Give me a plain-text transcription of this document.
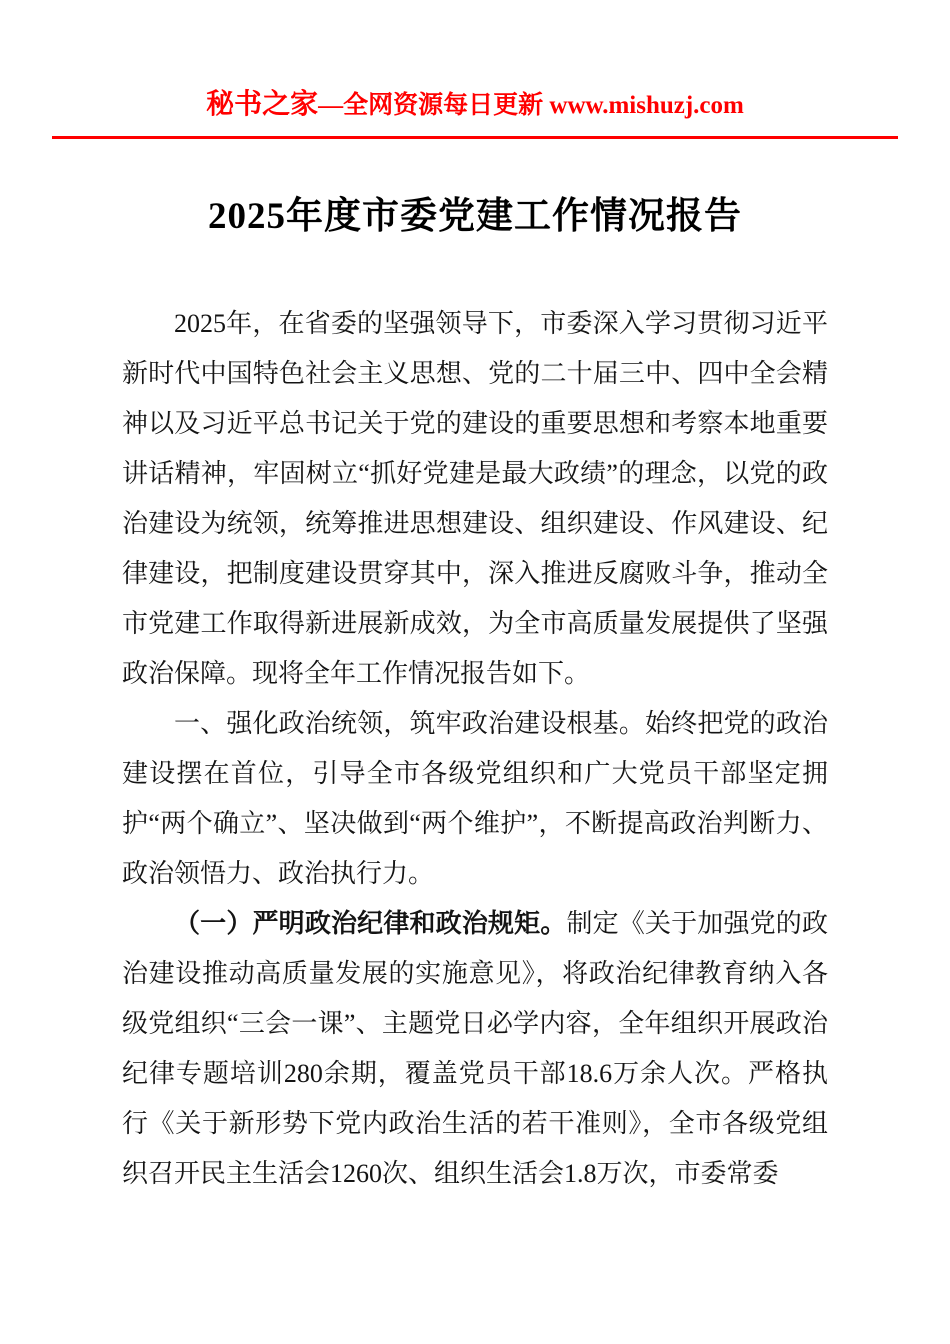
秘书之家—全网资源每日更新 www.mishuzj.com
2025年度市委党建工作情况报告

2025年，在省委的坚强领导下，市委深入学习贯彻习近平新时代中国特色社会主义思想、党的二十届三中、四中全会精神以及习近平总书记关于党的建设的重要思想和考察本地重要讲话精神，牢固树立“抓好党建是最大政绩”的理念，以党的政治建设为统领，统筹推进思想建设、组织建设、作风建设、纪律建设，把制度建设贯穿其中，深入推进反腐败斗争，推动全市党建工作取得新进展新成效，为全市高质量发展提供了坚强政治保障。现将全年工作情况报告如下。

一、强化政治统领，筑牢政治建设根基。始终把党的政治建设摆在首位，引导全市各级党组织和广大党员干部坚定拥护“两个确立”、坚决做到“两个维护”，不断提高政治判断力、政治领悟力、政治执行力。

（一）严明政治纪律和政治规矩。制定《关于加强党的政治建设推动高质量发展的实施意见》，将政治纪律教育纳入各级党组织“三会一课”、主题党日必学内容，全年组织开展政治纪律专题培训280余期，覆盖党员干部18.6万余人次。严格执行《关于新形势下党内政治生活的若干准则》，全市各级党组织召开民主生活会1260次、组织生活会1.8万次，市委常委
